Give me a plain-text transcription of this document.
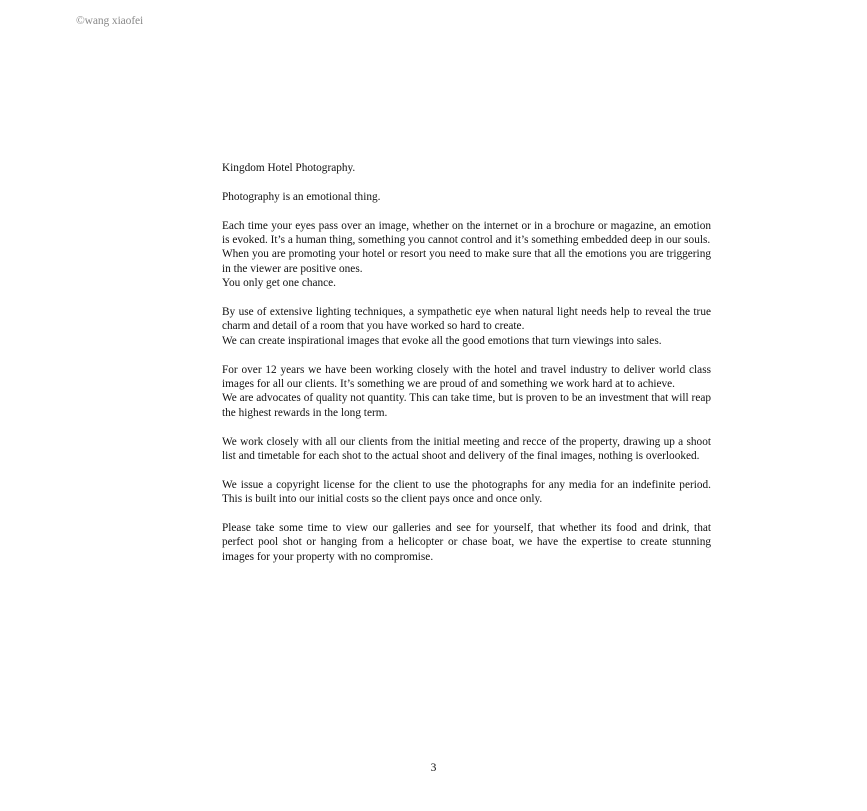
©wang xiaofei

Kingdom Hotel Photography.

Photography is an emotional thing.

Each time your eyes pass over an image, whether on the internet or in a brochure or magazine, an emotion is evoked. It’s a human thing, something you cannot control and it’s something embedded deep in our souls.

When you are promoting your hotel or resort you need to make sure that all the emotions you are triggering in the viewer are positive ones.

You only get one chance.

By use of extensive lighting techniques, a sympathetic eye when natural light needs help to reveal the true charm and detail of a room that you have worked so hard to create.

We can create inspirational images that evoke all the good emotions that turn viewings into sales.

For over 12 years we have been working closely with the hotel and travel industry to deliver world class images for all our clients. It’s something we are proud of and something we work hard at to achieve.

We are advocates of quality not quantity. This can take time, but is proven to be an investment that will reap the highest rewards in the long term.

We work closely with all our clients from the initial meeting and recce of the property, drawing up a shoot list and timetable for each shot to the actual shoot and delivery of the final images, nothing is overlooked.

We issue a copyright license for the client to use the photographs for any media for an indefinite period. This is built into our initial costs so the client pays once and once only.

Please take some time to view our galleries and see for yourself, that whether its food and drink, that perfect pool shot or hanging from a helicopter or chase boat, we have the expertise to create stunning images for your property with no compromise.

3
